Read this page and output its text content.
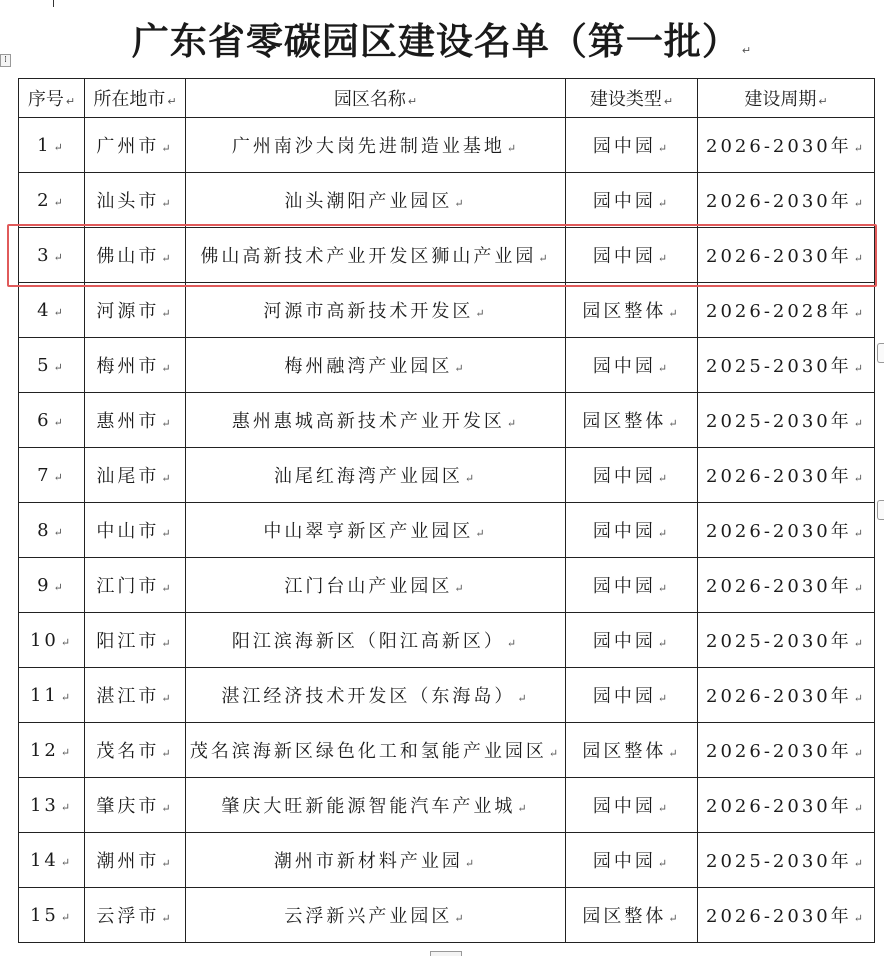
广东省零碳园区建设名单（第一批） ↵
⁞
序号 ↵	所在地市 ↵	园区名称 ↵	建设类型 ↵	建设周期 ↵
1 ↵	广州市 ↵	广州南沙大岗先进制造业基地 ↵	园中园 ↵	2026-2030年 ↵
2 ↵	汕头市 ↵	汕头潮阳产业园区 ↵	园中园 ↵	2026-2030年 ↵
3 ↵	佛山市 ↵	佛山高新技术产业开发区狮山产业园 ↵	园中园 ↵	2026-2030年 ↵
4 ↵	河源市 ↵	河源市高新技术开发区 ↵	园区整体 ↵	2026-2028年 ↵
5 ↵	梅州市 ↵	梅州融湾产业园区 ↵	园中园 ↵	2025-2030年 ↵
6 ↵	惠州市 ↵	惠州惠城高新技术产业开发区 ↵	园区整体 ↵	2025-2030年 ↵
7 ↵	汕尾市 ↵	汕尾红海湾产业园区 ↵	园中园 ↵	2026-2030年 ↵
8 ↵	中山市 ↵	中山翠亨新区产业园区 ↵	园中园 ↵	2026-2030年 ↵
9 ↵	江门市 ↵	江门台山产业园区 ↵	园中园 ↵	2026-2030年 ↵
10 ↵	阳江市 ↵	阳江滨海新区（阳江高新区） ↵	园中园 ↵	2025-2030年 ↵
11 ↵	湛江市 ↵	湛江经济技术开发区（东海岛） ↵	园中园 ↵	2026-2030年 ↵
12 ↵	茂名市 ↵	茂名滨海新区绿色化工和氢能产业园区 ↵	园区整体 ↵	2026-2030年 ↵
13 ↵	肇庆市 ↵	肇庆大旺新能源智能汽车产业城 ↵	园中园 ↵	2026-2030年 ↵
14 ↵	潮州市 ↵	潮州市新材料产业园 ↵	园中园 ↵	2025-2030年 ↵
15 ↵	云浮市 ↵	云浮新兴产业园区 ↵	园区整体 ↵	2026-2030年 ↵
